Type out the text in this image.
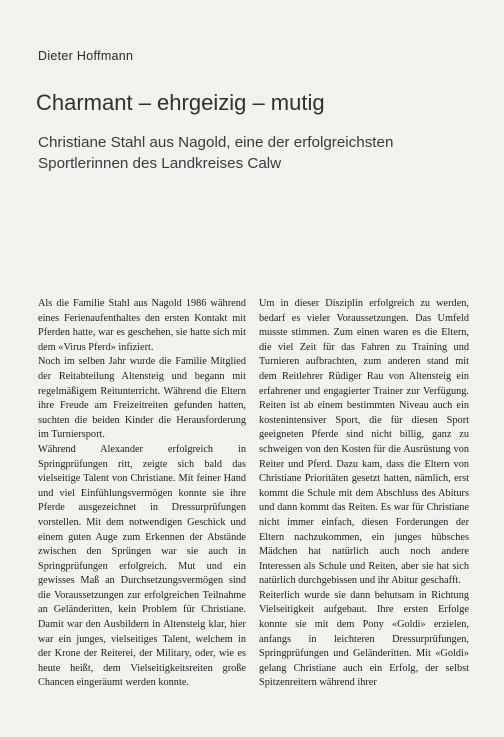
Dieter Hoffmann
Charmant – ehrgeizig – mutig
Christiane Stahl aus Nagold, eine der erfolgreichsten Sportlerinnen des Landkreises Calw

Als die Familie Stahl aus Nagold 1986 während eines Ferienaufenthaltes den ersten Kontakt mit Pferden hatte, war es geschehen, sie hatte sich mit dem «Virus Pferd» infiziert.

Noch im selben Jahr wurde die Familie Mitglied der Reitabteilung Altensteig und begann mit regelmäßigem Reitunterricht. Während die Eltern ihre Freude am Freizeitreiten gefunden hatten, suchten die beiden Kinder die Herausforderung im Turniersport.

Während Alexander erfolgreich in Springprüfungen ritt, zeigte sich bald das vielseitige Talent von Christiane. Mit feiner Hand und viel Einfühlungsvermögen konnte sie ihre Pferde ausgezeichnet in Dressurprüfungen vorstellen. Mit dem notwendigen Geschick und einem guten Auge zum Erkennen der Abstände zwischen den Sprüngen war sie auch in Springprüfungen erfolgreich. Mut und ein gewisses Maß an Durchsetzungsvermögen sind die Voraussetzungen zur erfolgreichen Teilnahme an Geländeritten, kein Problem für Christiane. Damit war den Ausbildern in Altensteig klar, hier war ein junges, vielseitiges Talent, welchem in der Krone der Reiterei, der Military, oder, wie es heute heißt, dem Vielseitigkeitsreiten große Chancen eingeräumt werden konnte.

Um in dieser Disziplin erfolgreich zu werden, bedarf es vieler Voraussetzungen. Das Umfeld musste stimmen. Zum einen waren es die Eltern, die viel Zeit für das Fahren zu Training und Turnieren aufbrachten, zum anderen stand mit dem Reitlehrer Rüdiger Rau von Altensteig ein erfahrener und engagierter Trainer zur Verfügung. Reiten ist ab einem bestimmten Niveau auch ein kostenintensiver Sport, die für diesen Sport geeigneten Pferde sind nicht billig, ganz zu schweigen von den Kosten für die Ausrüstung von Reiter und Pferd. Dazu kam, dass die Eltern von Christiane Prioritäten gesetzt hatten, nämlich, erst kommt die Schule mit dem Abschluss des Abiturs und dann kommt das Reiten. Es war für Christiane nicht immer einfach, diesen Forderungen der Eltern nachzukommen, ein junges hübsches Mädchen hat natürlich auch noch andere Interessen als Schule und Reiten, aber sie hat sich natürlich durchgebissen und ihr Abitur geschafft.

Reiterlich wurde sie dann behutsam in Richtung Vielseitigkeit aufgebaut. Ihre ersten Erfolge konnte sie mit dem Pony «Goldi» erzielen, anfangs in leichteren Dressurprüfungen, Springprüfungen und Geländeritten. Mit «Goldi» gelang Christiane auch ein Erfolg, der selbst Spitzenreitern während ihrer
